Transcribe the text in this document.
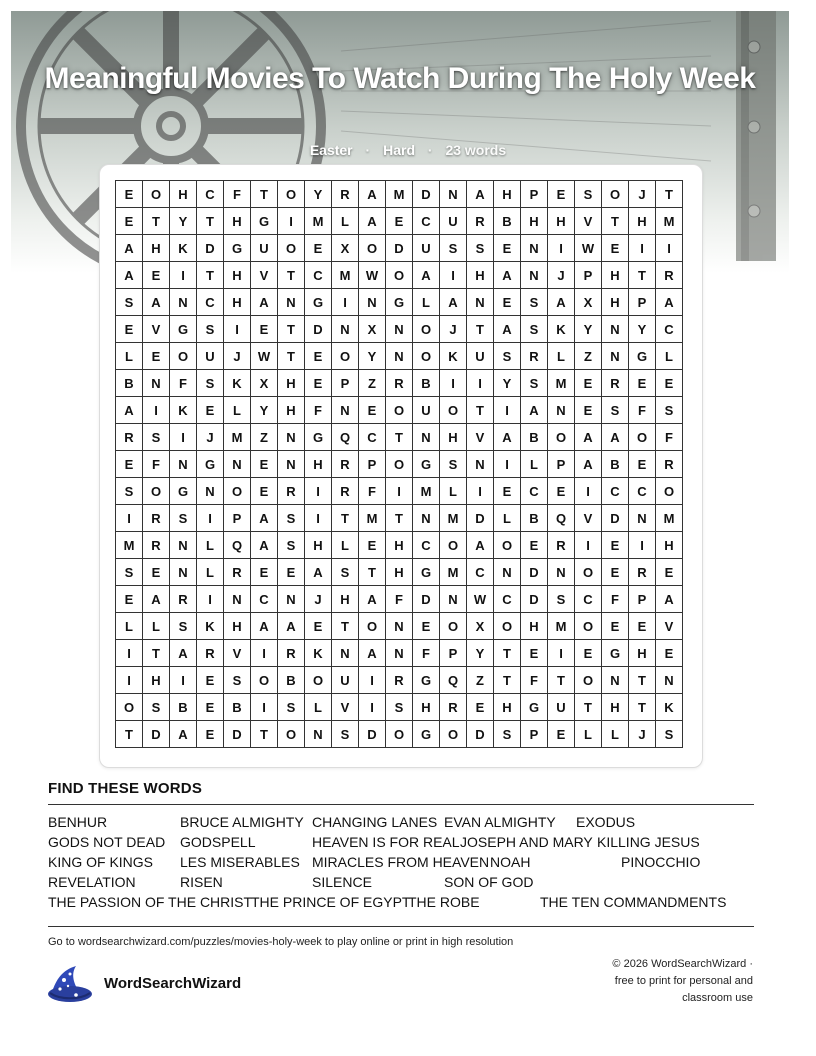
Meaningful Movies To Watch During The Holy Week
Easter · Hard · 23 words
E	O	H	C	F	T	O	Y	R	A	M	D	N	A	H	P	E	S	O	J	T
E	T	Y	T	H	G	I	M	L	A	E	C	U	R	B	H	H	V	T	H	M
A	H	K	D	G	U	O	E	X	O	D	U	S	S	E	N	I	W	E	I	I
A	E	I	T	H	V	T	C	M	W	O	A	I	H	A	N	J	P	H	T	R
S	A	N	C	H	A	N	G	I	N	G	L	A	N	E	S	A	X	H	P	A
E	V	G	S	I	E	T	D	N	X	N	O	J	T	A	S	K	Y	N	Y	C
L	E	O	U	J	W	T	E	O	Y	N	O	K	U	S	R	L	Z	N	G	L
B	N	F	S	K	X	H	E	P	Z	R	B	I	I	Y	S	M	E	R	E	E
A	I	K	E	L	Y	H	F	N	E	O	U	O	T	I	A	N	E	S	F	S
R	S	I	J	M	Z	N	G	Q	C	T	N	H	V	A	B	O	A	A	O	F
E	F	N	G	N	E	N	H	R	P	O	G	S	N	I	L	P	A	B	E	R
S	O	G	N	O	E	R	I	R	F	I	M	L	I	E	C	E	I	C	C	O
I	R	S	I	P	A	S	I	T	M	T	N	M	D	L	B	Q	V	D	N	M
M	R	N	L	Q	A	S	H	L	E	H	C	O	A	O	E	R	I	E	I	H
S	E	N	L	R	E	E	A	S	T	H	G	M	C	N	D	N	O	E	R	E
E	A	R	I	N	C	N	J	H	A	F	D	N	W	C	D	S	C	F	P	A
L	L	S	K	H	A	A	E	T	O	N	E	O	X	O	H	M	O	E	E	V
I	T	A	R	V	I	R	K	N	A	N	F	P	Y	T	E	I	E	G	H	E
I	H	I	E	S	O	B	O	U	I	R	G	Q	Z	T	F	T	O	N	T	N
O	S	B	E	B	I	S	L	V	I	S	H	R	E	H	G	U	T	H	T	K
T	D	A	E	D	T	O	N	S	D	O	G	O	D	S	P	E	L	L	J	S
FIND THESE WORDS
BENHUR	BRUCE ALMIGHTY CHANGING LANES EVAN ALMIGHTY EXODUS
GODS NOT DEAD GODSPELL	HEAVEN IS FOR REAL JOSEPH AND MARY KILLING JESUS
KING OF KINGS LES MISERABLES MIRACLES FROM HEAVEN NOAH	PINOCCHIO
REVELATION	RISEN	SILENCE	SON OF GOD
THE PASSION OF THE CHRIST
THE PRINCE OF EGYPT
THE ROBE	THE TEN COMMANDMENTS
Go to wordsearchwizard.com/puzzles/movies-holy-week to play online or print in high resolution
WordSearchWizard
© 2026 WordSearchWizard ·
free to print for personal and
classroom use
